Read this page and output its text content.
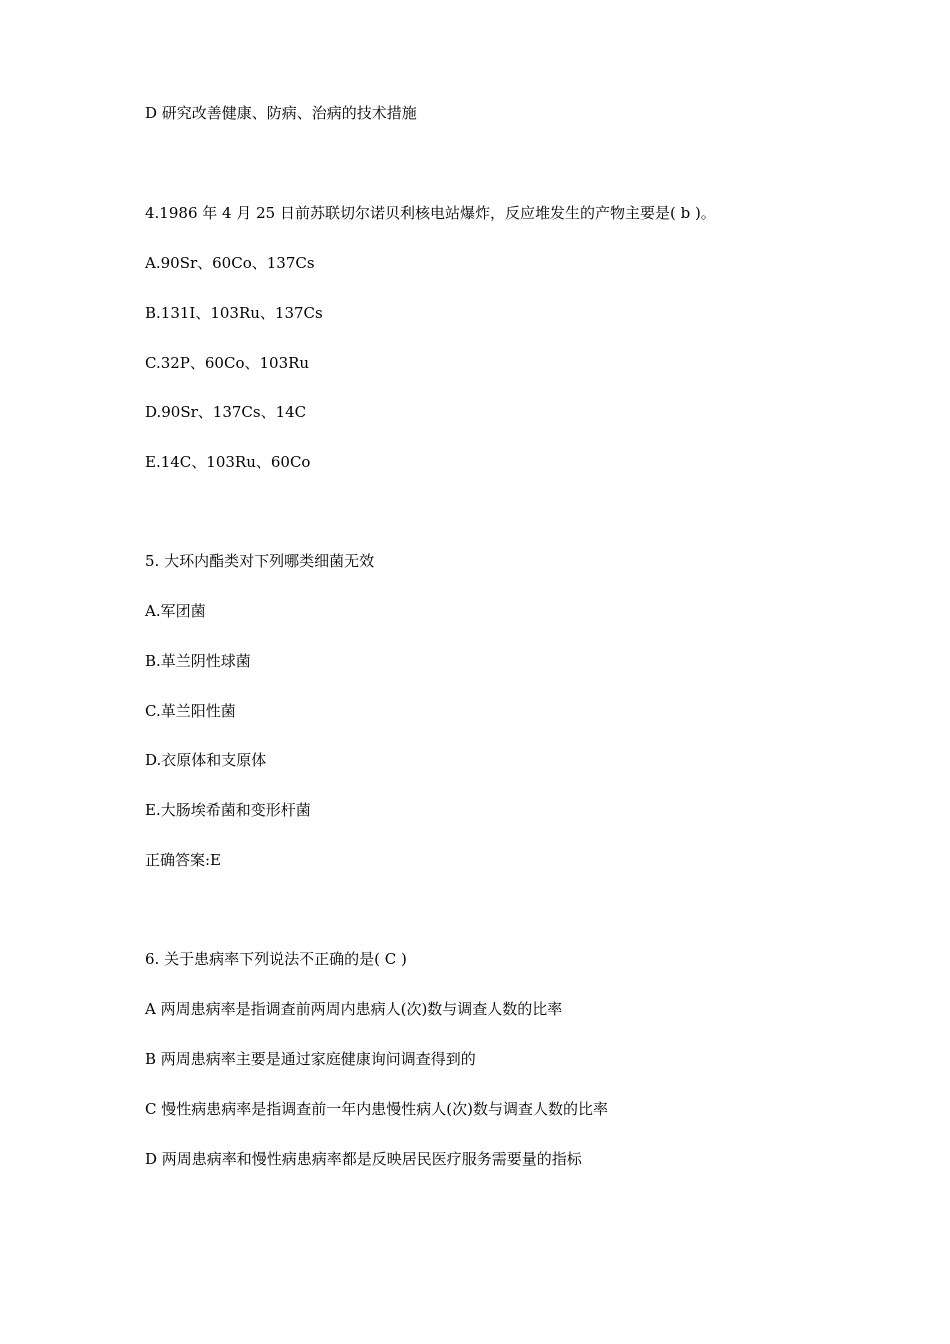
D 研究改善健康、防病、治病的技术措施
4.1986 年 4 月 25 日前苏联切尔诺贝利核电站爆炸，反应堆发生的产物主要是( b )。
A.90Sr、60Co、137Cs
B.131I、103Ru、137Cs
C.32P、60Co、103Ru
D.90Sr、137Cs、14C
E.14C、103Ru、60Co
5. 大环内酯类对下列哪类细菌无效
A.军团菌
B.革兰阴性球菌
C.革兰阳性菌
D.衣原体和支原体
E.大肠埃希菌和变形杆菌
正确答案:E
6. 关于患病率下列说法不正确的是( C )
A 两周患病率是指调查前两周内患病人(次)数与调查人数的比率
B 两周患病率主要是通过家庭健康询问调查得到的
C 慢性病患病率是指调查前一年内患慢性病人(次)数与调查人数的比率
D 两周患病率和慢性病患病率都是反映居民医疗服务需要量的指标
